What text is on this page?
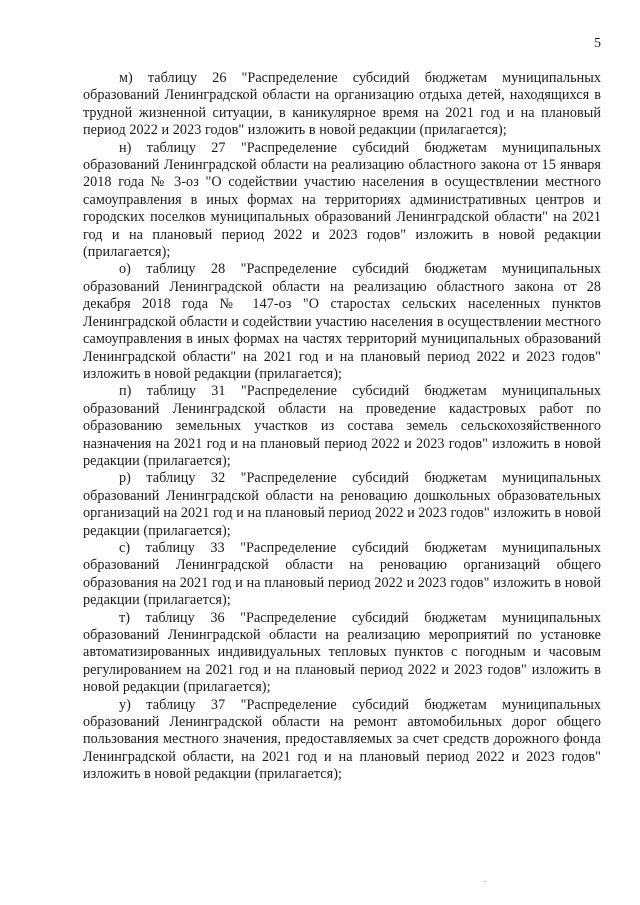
5

м) таблицу 26 "Распределение субсидий бюджетам муниципальных образований Ленинградской области на организацию отдыха детей, находящихся в трудной жизненной ситуации, в каникулярное время на 2021 год и на плановый период 2022 и 2023 годов" изложить в новой редакции (прилагается);

н) таблицу 27 "Распределение субсидий бюджетам муниципальных образований Ленинградской области на реализацию областного закона от 15 января 2018 года № 3-оз "О содействии участию населения в осуществлении местного самоуправления в иных формах на территориях административных центров и городских поселков муниципальных образований Ленинградской области" на 2021 год и на плановый период 2022 и 2023 годов" изложить в новой редакции (прилагается);

о) таблицу 28 "Распределение субсидий бюджетам муниципальных образований Ленинградской области на реализацию областного закона от 28 декабря 2018 года № 147-оз "О старостах сельских населенных пунктов Ленинградской области и содействии участию населения в осуществлении местного самоуправления в иных формах на частях территорий муниципальных образований Ленинградской области" на 2021 год и на плановый период 2022 и 2023 годов" изложить в новой редакции (прилагается);

п) таблицу 31 "Распределение субсидий бюджетам муниципальных образований Ленинградской области на проведение кадастровых работ по образованию земельных участков из состава земель сельскохозяйственного назначения на 2021 год и на плановый период 2022 и 2023 годов" изложить в новой редакции (прилагается);

р) таблицу 32 "Распределение субсидий бюджетам муниципальных образований Ленинградской области на реновацию дошкольных образовательных организаций на 2021 год и на плановый период 2022 и 2023 годов" изложить в новой редакции (прилагается);

с) таблицу 33 "Распределение субсидий бюджетам муниципальных образований Ленинградской области на реновацию организаций общего образования на 2021 год и на плановый период 2022 и 2023 годов" изложить в новой редакции (прилагается);

т) таблицу 36 "Распределение субсидий бюджетам муниципальных образований Ленинградской области на реализацию мероприятий по установке автоматизированных индивидуальных тепловых пунктов с погодным и часовым регулированием на 2021 год и на плановый период 2022 и 2023 годов" изложить в новой редакции (прилагается);

у) таблицу 37 "Распределение субсидий бюджетам муниципальных образований Ленинградской области на ремонт автомобильных дорог общего пользования местного значения, предоставляемых за счет средств дорожного фонда Ленинградской области, на 2021 год и на плановый период 2022 и 2023 годов" изложить в новой редакции (прилагается);
